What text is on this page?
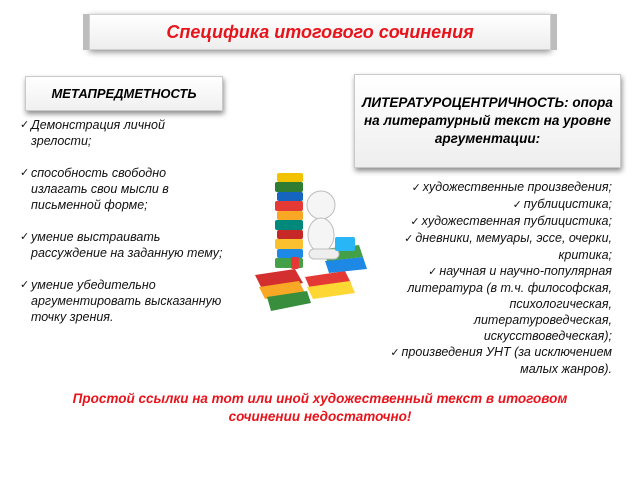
Специфика итогового сочинения
МЕТАПРЕДМЕТНОСТЬ
ЛИТЕРАТУРОЦЕНТРИЧНОСТЬ: опора на литературный текст на уровне аргументации:
✓ Демонстрация личной зрелости;
✓ способность свободно излагать свои мысли в письменной форме;
✓ умение выстраивать рассуждение на заданную тему;
✓ умение убедительно аргументировать высказанную точку зрения.
✓ художественные произведения;
✓ публицистика;
✓ художественная публицистика;
✓ дневники, мемуары, эссе, очерки, критика;
✓ научная и научно-популярная литература (в т.ч. философская, психологическая, литературоведческая, искусствоведческая);
✓ произведения УНТ (за исключением малых жанров).
Простой ссылки на тот или иной художественный текст в итоговом сочинении недостаточно!
